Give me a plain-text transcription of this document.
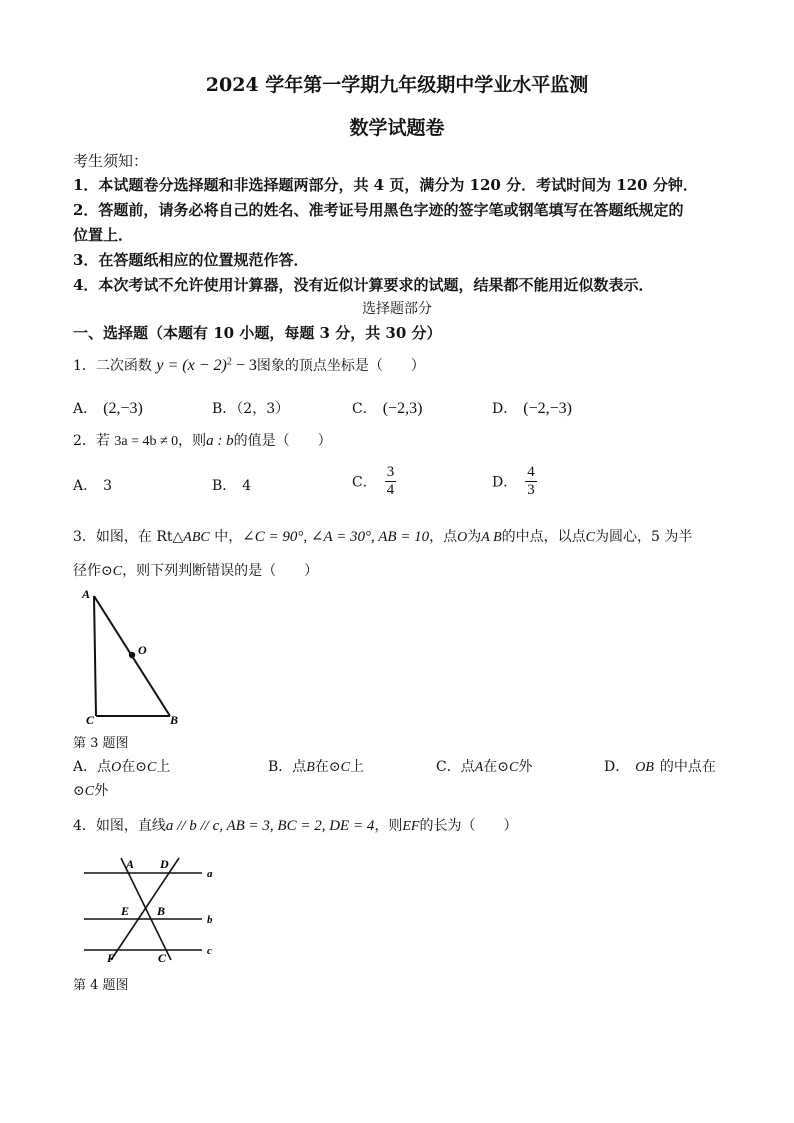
2024 学年第一学期九年级期中学业水平监测
数学试题卷
考生须知：
1．本试题卷分选择题和非选择题两部分，共 4 页，满分为 120 分．考试时间为 120 分钟．
2．答题前，请务必将自己的姓名、准考证号用黑色字迹的签字笔或钢笔填写在答题纸规定的
位置上．
3．在答题纸相应的位置规范作答．
4．本次考试不允许使用计算器，没有近似计算要求的试题，结果都不能用近似数表示．
选择题部分
一、选择题（本题有 10 小题，每题 3 分，共 30 分）
1．二次函数 $y = (x - 2)^2 - 3$图象的顶点坐标是（　　）
A． (2,−3)	B．（2，3）	C． (−2,3)	D． (−2,−3)
2．若 3a = 4b ≠ 0，则a : b的值是（　　）
A． 3	B． 4	C． $\frac{3}{4}$	D． $\frac{4}{3}$
3．如图，在 Rt△ABC 中，∠C = 90°, ∠A = 30°, AB = 10，点O为A B的中点，以点C为圆心，5 为半
径作⊙C，则下列判断错误的是（　　）
A
C	B
O
第 3 题图
A．点O在⊙C上	B．点B在⊙C上	C．点A在⊙C外	D． OB 的中点在
⊙C外
4．如图，直线a // b // c, AB = 3, BC = 2, DE = 4，则EF的长为（　　）
A D
E B
F	C
a
b
c
第 4 题图
